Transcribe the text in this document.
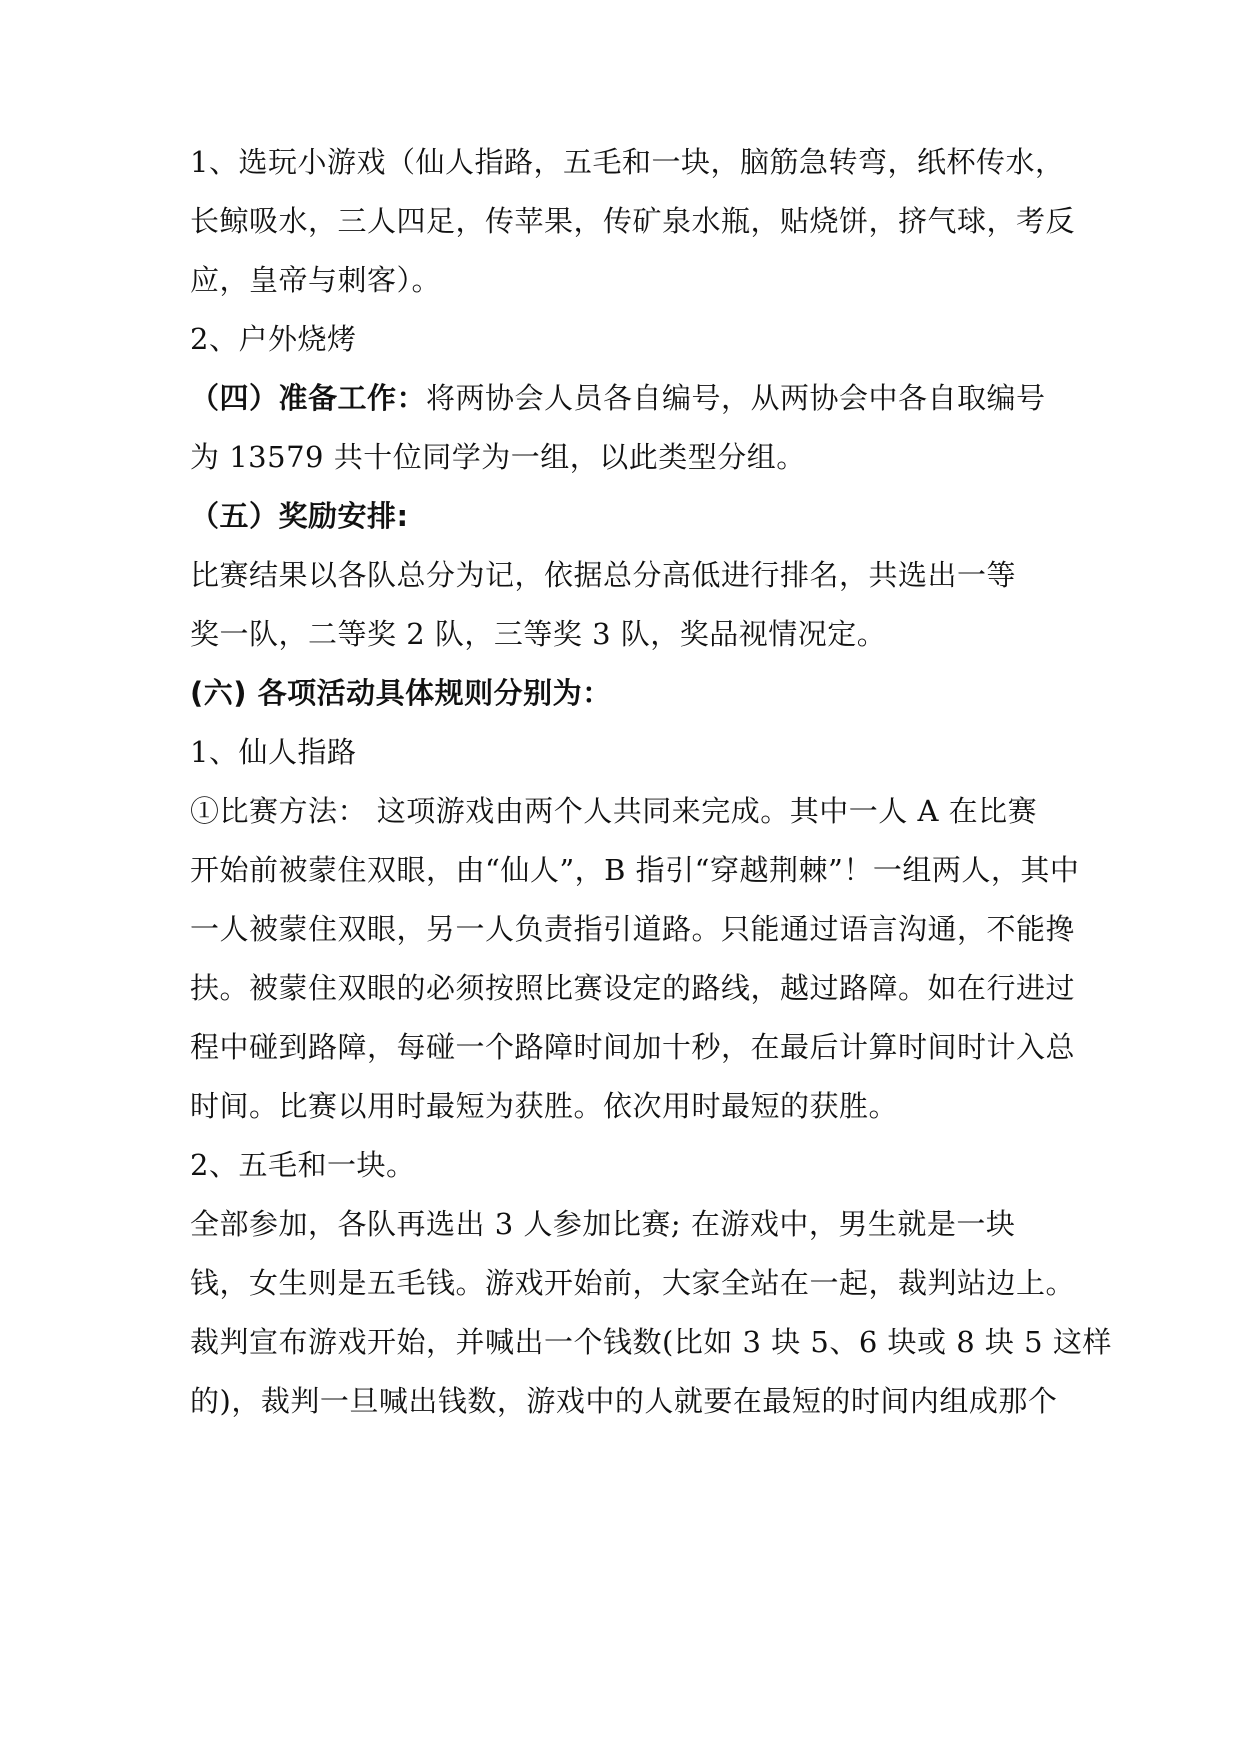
1、选玩小游戏（仙人指路，五毛和一块，脑筋急转弯，纸杯传水，
长鲸吸水，三人四足，传苹果，传矿泉水瓶，贴烧饼，挤气球，考反
应，皇帝与刺客）。
2、户外烧烤
（四）准备工作：将两协会人员各自编号，从两协会中各自取编号
为 13579 共十位同学为一组，以此类型分组。
（五）奖励安排:
比赛结果以各队总分为记，依据总分高低进行排名，共选出一等
奖一队，二等奖 2 队，三等奖 3 队，奖品视情况定。
(六) 各项活动具体规则分别为：
1、仙人指路
①比赛方法： 这项游戏由两个人共同来完成。其中一人 A 在比赛
开始前被蒙住双眼，由“仙人”，B 指引“穿越荆棘”！一组两人，其中
一人被蒙住双眼，另一人负责指引道路。只能通过语言沟通，不能搀
扶。被蒙住双眼的必须按照比赛设定的路线，越过路障。如在行进过
程中碰到路障，每碰一个路障时间加十秒，在最后计算时间时计入总
时间。比赛以用时最短为获胜。依次用时最短的获胜。
2、五毛和一块。
全部参加，各队再选出 3 人参加比赛; 在游戏中，男生就是一块
钱，女生则是五毛钱。游戏开始前，大家全站在一起，裁判站边上。
裁判宣布游戏开始，并喊出一个钱数(比如 3 块 5、6 块或 8 块 5 这样
的)，裁判一旦喊出钱数，游戏中的人就要在最短的时间内组成那个
